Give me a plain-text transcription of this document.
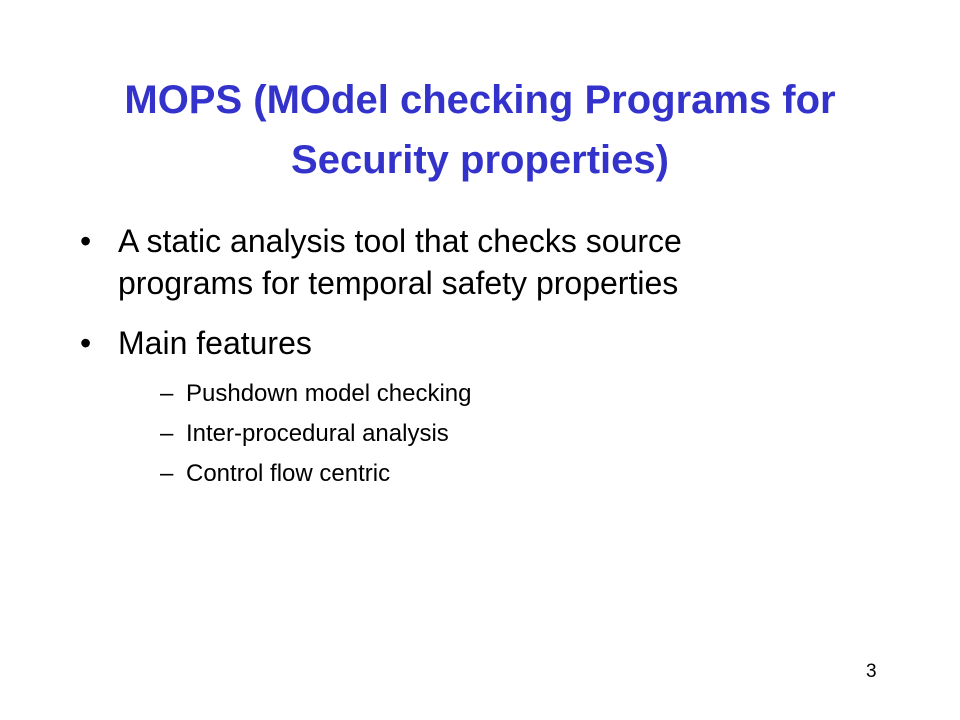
MOPS (MOdel checking Programs for
Security properties)
• A static analysis tool that checks source
programs for temporal safety properties
• Main features
– Pushdown model checking
– Inter-procedural analysis
– Control flow centric
3
